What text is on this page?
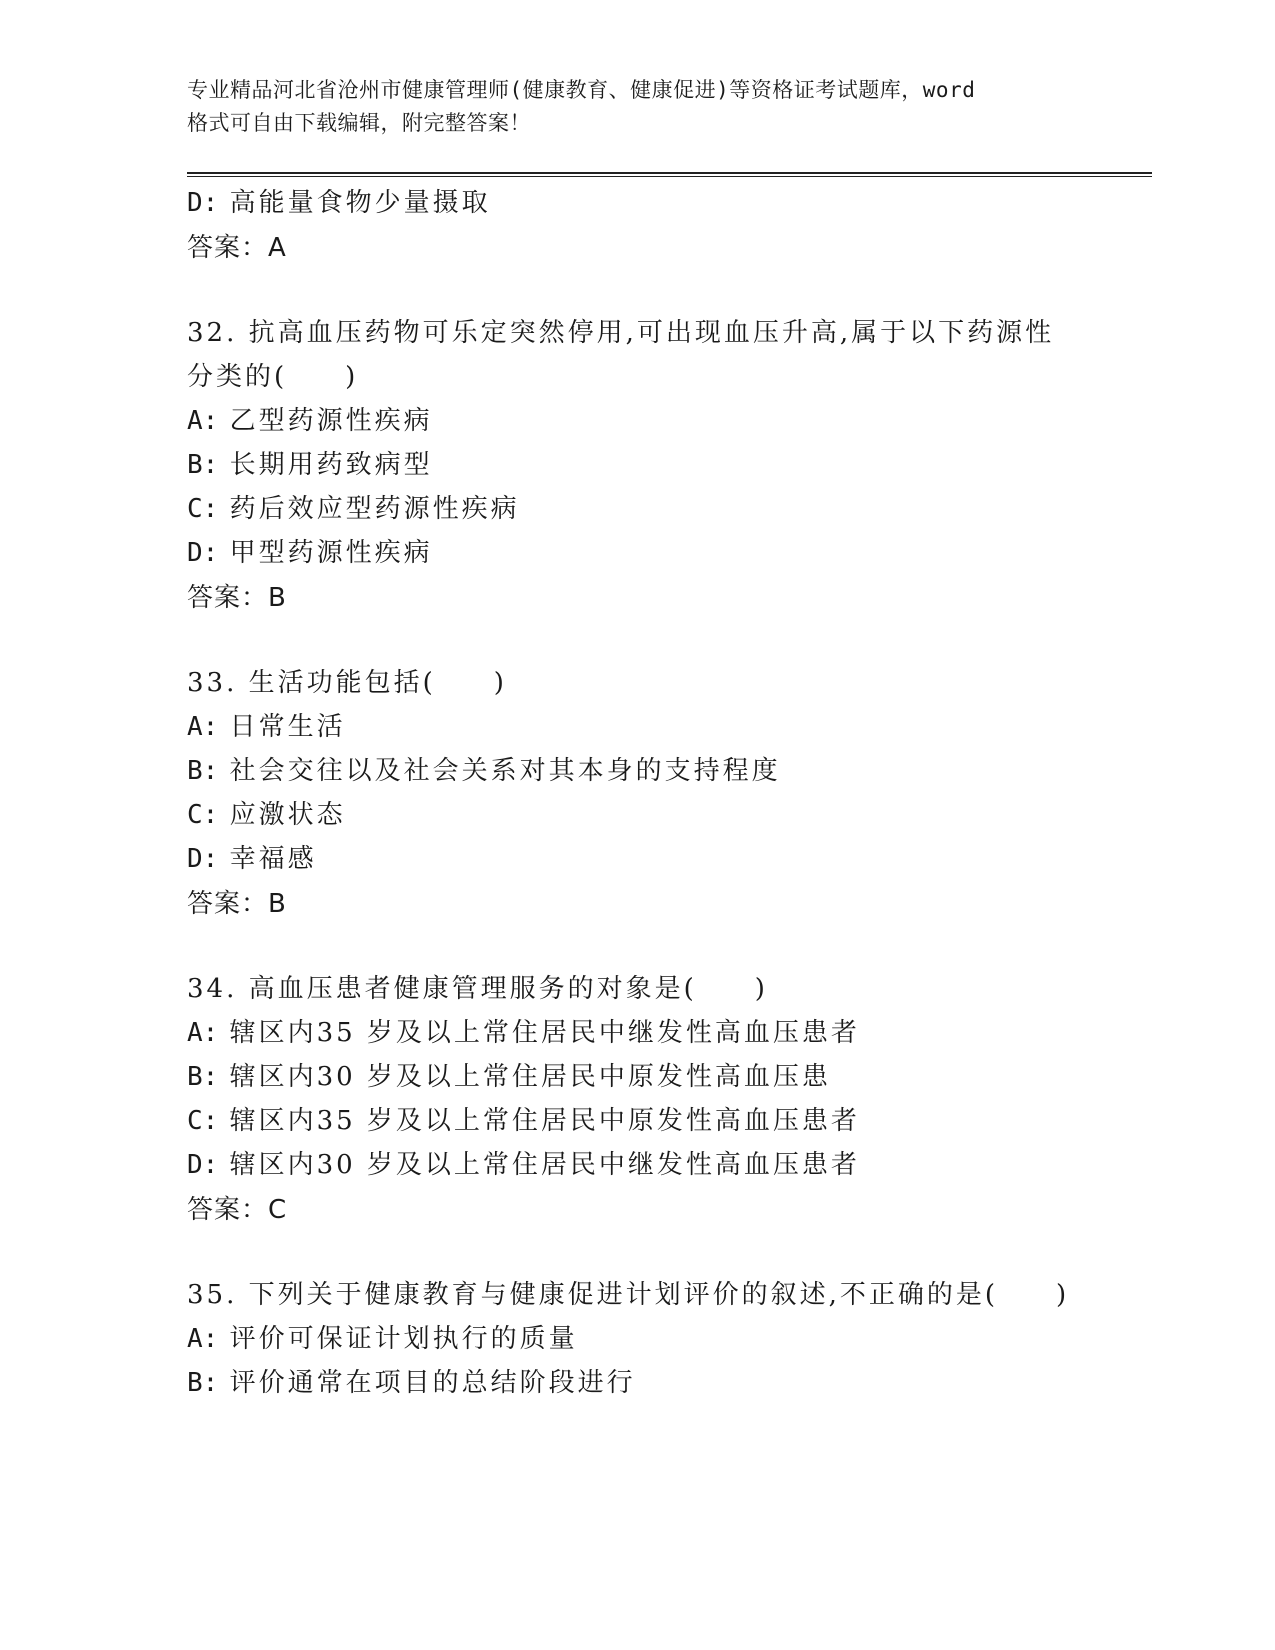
专业精品河北省沧州市健康管理师(健康教育、健康促进)等资格证考试题库，word
格式可自由下载编辑，附完整答案！
D: 高能量食物少量摄取
答案：A
32. 抗高血压药物可乐定突然停用,可出现血压升高,属于以下药源性
分类的(　　)
A: 乙型药源性疾病
B: 长期用药致病型
C: 药后效应型药源性疾病
D: 甲型药源性疾病
答案：B
33. 生活功能包括(　　)
A: 日常生活
B: 社会交往以及社会关系对其本身的支持程度
C: 应激状态
D: 幸福感
答案：B
34. 高血压患者健康管理服务的对象是(　　)
A: 辖区内35 岁及以上常住居民中继发性高血压患者
B: 辖区内30 岁及以上常住居民中原发性高血压患
C: 辖区内35 岁及以上常住居民中原发性高血压患者
D: 辖区内30 岁及以上常住居民中继发性高血压患者
答案：C
35. 下列关于健康教育与健康促进计划评价的叙述,不正确的是(　　)
A: 评价可保证计划执行的质量
B: 评价通常在项目的总结阶段进行
